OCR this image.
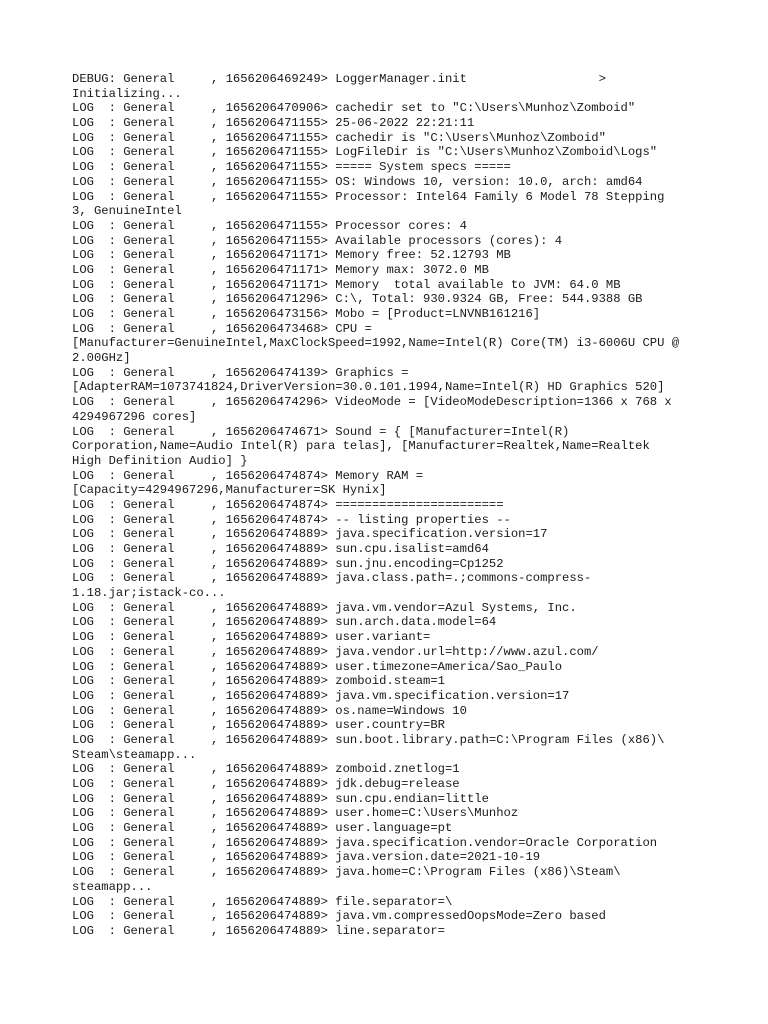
DEBUG: General     , 1656206469249> LoggerManager.init                  >
Initializing...
LOG  : General     , 1656206470906> cachedir set to "C:\Users\Munhoz\Zomboid"
LOG  : General     , 1656206471155> 25-06-2022 22:21:11
LOG  : General     , 1656206471155> cachedir is "C:\Users\Munhoz\Zomboid"
LOG  : General     , 1656206471155> LogFileDir is "C:\Users\Munhoz\Zomboid\Logs"
LOG  : General     , 1656206471155> ===== System specs =====
LOG  : General     , 1656206471155> OS: Windows 10, version: 10.0, arch: amd64
LOG  : General     , 1656206471155> Processor: Intel64 Family 6 Model 78 Stepping
3, GenuineIntel
LOG  : General     , 1656206471155> Processor cores: 4
LOG  : General     , 1656206471155> Available processors (cores): 4
LOG  : General     , 1656206471171> Memory free: 52.12793 MB
LOG  : General     , 1656206471171> Memory max: 3072.0 MB
LOG  : General     , 1656206471171> Memory  total available to JVM: 64.0 MB
LOG  : General     , 1656206471296> C:\, Total: 930.9324 GB, Free: 544.9388 GB
LOG  : General     , 1656206473156> Mobo = [Product=LNVNB161216]
LOG  : General     , 1656206473468> CPU =
[Manufacturer=GenuineIntel,MaxClockSpeed=1992,Name=Intel(R) Core(TM) i3-6006U CPU @
2.00GHz]
LOG  : General     , 1656206474139> Graphics =
[AdapterRAM=1073741824,DriverVersion=30.0.101.1994,Name=Intel(R) HD Graphics 520]
LOG  : General     , 1656206474296> VideoMode = [VideoModeDescription=1366 x 768 x
4294967296 cores]
LOG  : General     , 1656206474671> Sound = { [Manufacturer=Intel(R)
Corporation,Name=Audio Intel(R) para telas], [Manufacturer=Realtek,Name=Realtek
High Definition Audio] }
LOG  : General     , 1656206474874> Memory RAM =
[Capacity=4294967296,Manufacturer=SK Hynix]
LOG  : General     , 1656206474874> =======================
LOG  : General     , 1656206474874> -- listing properties --
LOG  : General     , 1656206474889> java.specification.version=17
LOG  : General     , 1656206474889> sun.cpu.isalist=amd64
LOG  : General     , 1656206474889> sun.jnu.encoding=Cp1252
LOG  : General     , 1656206474889> java.class.path=.;commons-compress-
1.18.jar;istack-co...
LOG  : General     , 1656206474889> java.vm.vendor=Azul Systems, Inc.
LOG  : General     , 1656206474889> sun.arch.data.model=64
LOG  : General     , 1656206474889> user.variant=
LOG  : General     , 1656206474889> java.vendor.url=http://www.azul.com/
LOG  : General     , 1656206474889> user.timezone=America/Sao_Paulo
LOG  : General     , 1656206474889> zomboid.steam=1
LOG  : General     , 1656206474889> java.vm.specification.version=17
LOG  : General     , 1656206474889> os.name=Windows 10
LOG  : General     , 1656206474889> user.country=BR
LOG  : General     , 1656206474889> sun.boot.library.path=C:\Program Files (x86)\
Steam\steamapp...
LOG  : General     , 1656206474889> zomboid.znetlog=1
LOG  : General     , 1656206474889> jdk.debug=release
LOG  : General     , 1656206474889> sun.cpu.endian=little
LOG  : General     , 1656206474889> user.home=C:\Users\Munhoz
LOG  : General     , 1656206474889> user.language=pt
LOG  : General     , 1656206474889> java.specification.vendor=Oracle Corporation
LOG  : General     , 1656206474889> java.version.date=2021-10-19
LOG  : General     , 1656206474889> java.home=C:\Program Files (x86)\Steam\
steamapp...
LOG  : General     , 1656206474889> file.separator=\
LOG  : General     , 1656206474889> java.vm.compressedOopsMode=Zero based
LOG  : General     , 1656206474889> line.separator=
